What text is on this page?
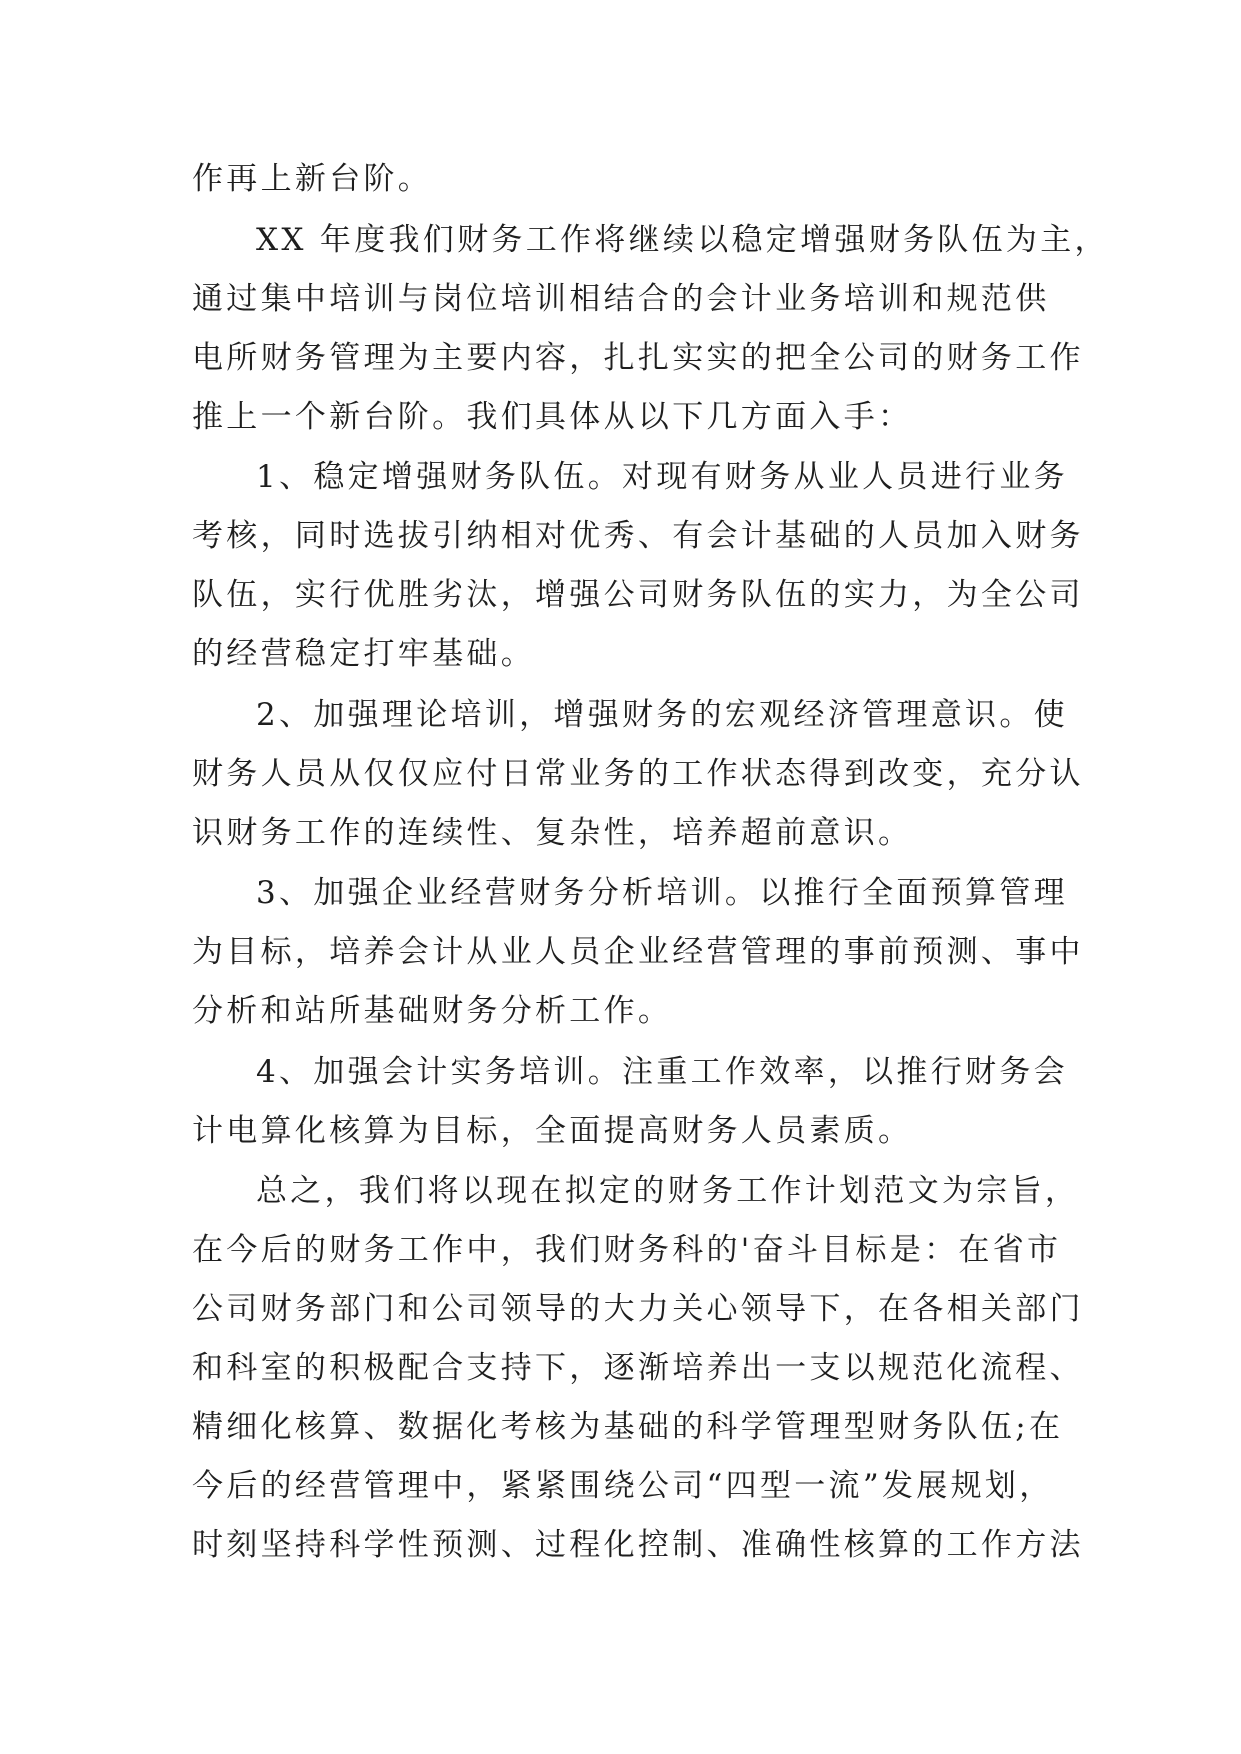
作再上新台阶。
XX 年度我们财务工作将继续以稳定增强财务队伍为主，
通过集中培训与岗位培训相结合的会计业务培训和规范供
电所财务管理为主要内容，扎扎实实的把全公司的财务工作
推上一个新台阶。我们具体从以下几方面入手：
1、稳定增强财务队伍。对现有财务从业人员进行业务
考核，同时选拔引纳相对优秀、有会计基础的人员加入财务
队伍，实行优胜劣汰，增强公司财务队伍的实力，为全公司
的经营稳定打牢基础。
2、加强理论培训，增强财务的宏观经济管理意识。使
财务人员从仅仅应付日常业务的工作状态得到改变，充分认
识财务工作的连续性、复杂性，培养超前意识。
3、加强企业经营财务分析培训。以推行全面预算管理
为目标，培养会计从业人员企业经营管理的事前预测、事中
分析和站所基础财务分析工作。
4、加强会计实务培训。注重工作效率，以推行财务会
计电算化核算为目标，全面提高财务人员素质。
总之，我们将以现在拟定的财务工作计划范文为宗旨，
在今后的财务工作中，我们财务科的'奋斗目标是：在省市
公司财务部门和公司领导的大力关心领导下，在各相关部门
和科室的积极配合支持下，逐渐培养出一支以规范化流程、
精细化核算、数据化考核为基础的科学管理型财务队伍;在
今后的经营管理中，紧紧围绕公司“四型一流”发展规划，
时刻坚持科学性预测、过程化控制、准确性核算的工作方法
